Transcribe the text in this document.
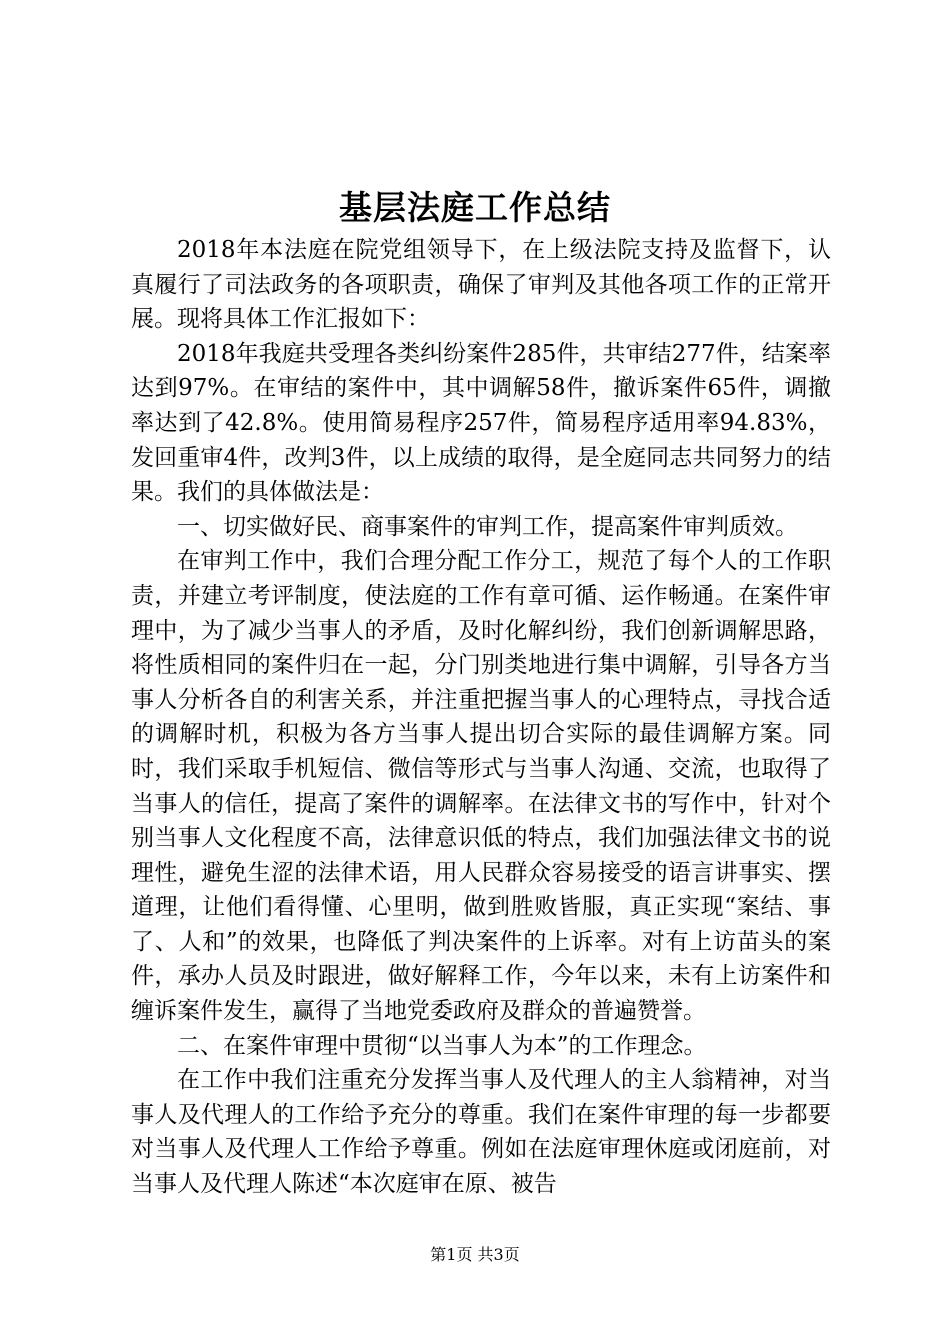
基层法庭工作总结

2018年本法庭在院党组领导下，在上级法院支持及监督下，认真履行了司法政务的各项职责，确保了审判及其他各项工作的正常开展。现将具体工作汇报如下：

2018年我庭共受理各类纠纷案件285件，共审结277件，结案率达到97%。在审结的案件中，其中调解58件，撤诉案件65件，调撤率达到了42.8%。使用简易程序257件，简易程序适用率94.83%，发回重审4件，改判3件，以上成绩的取得，是全庭同志共同努力的结果。我们的具体做法是：

一、切实做好民、商事案件的审判工作，提高案件审判质效。

在审判工作中，我们合理分配工作分工，规范了每个人的工作职责，并建立考评制度，使法庭的工作有章可循、运作畅通。在案件审理中，为了减少当事人的矛盾，及时化解纠纷，我们创新调解思路，将性质相同的案件归在一起，分门别类地进行集中调解，引导各方当事人分析各自的利害关系，并注重把握当事人的心理特点，寻找合适的调解时机，积极为各方当事人提出切合实际的最佳调解方案。同时，我们采取手机短信、微信等形式与当事人沟通、交流，也取得了当事人的信任，提高了案件的调解率。在法律文书的写作中，针对个别当事人文化程度不高，法律意识低的特点，我们加强法律文书的说理性，避免生涩的法律术语，用人民群众容易接受的语言讲事实、摆道理，让他们看得懂、心里明，做到胜败皆服，真正实现“案结、事了、人和”的效果，也降低了判决案件的上诉率。对有上访苗头的案件，承办人员及时跟进，做好解释工作，今年以来，未有上访案件和缠诉案件发生，赢得了当地党委政府及群众的普遍赞誉。

二、在案件审理中贯彻“以当事人为本”的工作理念。

在工作中我们注重充分发挥当事人及代理人的主人翁精神，对当事人及代理人的工作给予充分的尊重。我们在案件审理的每一步都要对当事人及代理人工作给予尊重。例如在法庭审理休庭或闭庭前，对当事人及代理人陈述“本次庭审在原、被告

第1页 共3页
